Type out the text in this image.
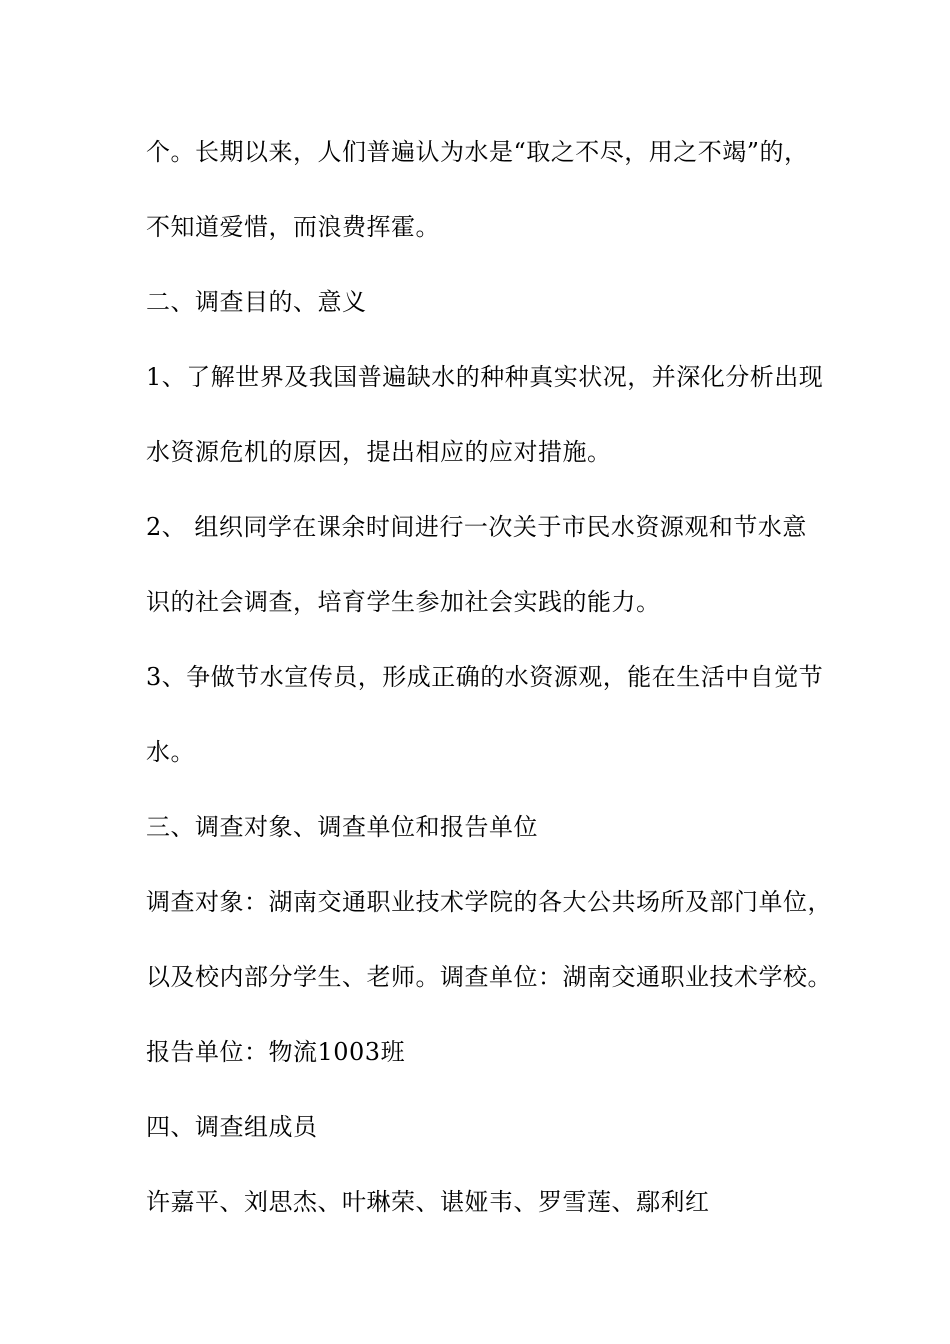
个。长期以来，人们普遍认为水是“取之不尽，用之不竭”的，
不知道爱惜，而浪费挥霍。
二、调查目的、意义
1、了解世界及我国普遍缺水的种种真实状况，并深化分析出现
水资源危机的原因，提出相应的应对措施。
2、 组织同学在课余时间进行一次关于市民水资源观和节水意
识的社会调查，培育学生参加社会实践的能力。
3、争做节水宣传员，形成正确的水资源观，能在生活中自觉节
水。
三、调查对象、调查单位和报告单位
调查对象：湖南交通职业技术学院的各大公共场所及部门单位，
以及校内部分学生、老师。调查单位：湖南交通职业技术学校。
报告单位：物流1003班
四、调查组成员
许嘉平、刘思杰、叶琳荣、谌娅韦、罗雪莲、鄢利红
